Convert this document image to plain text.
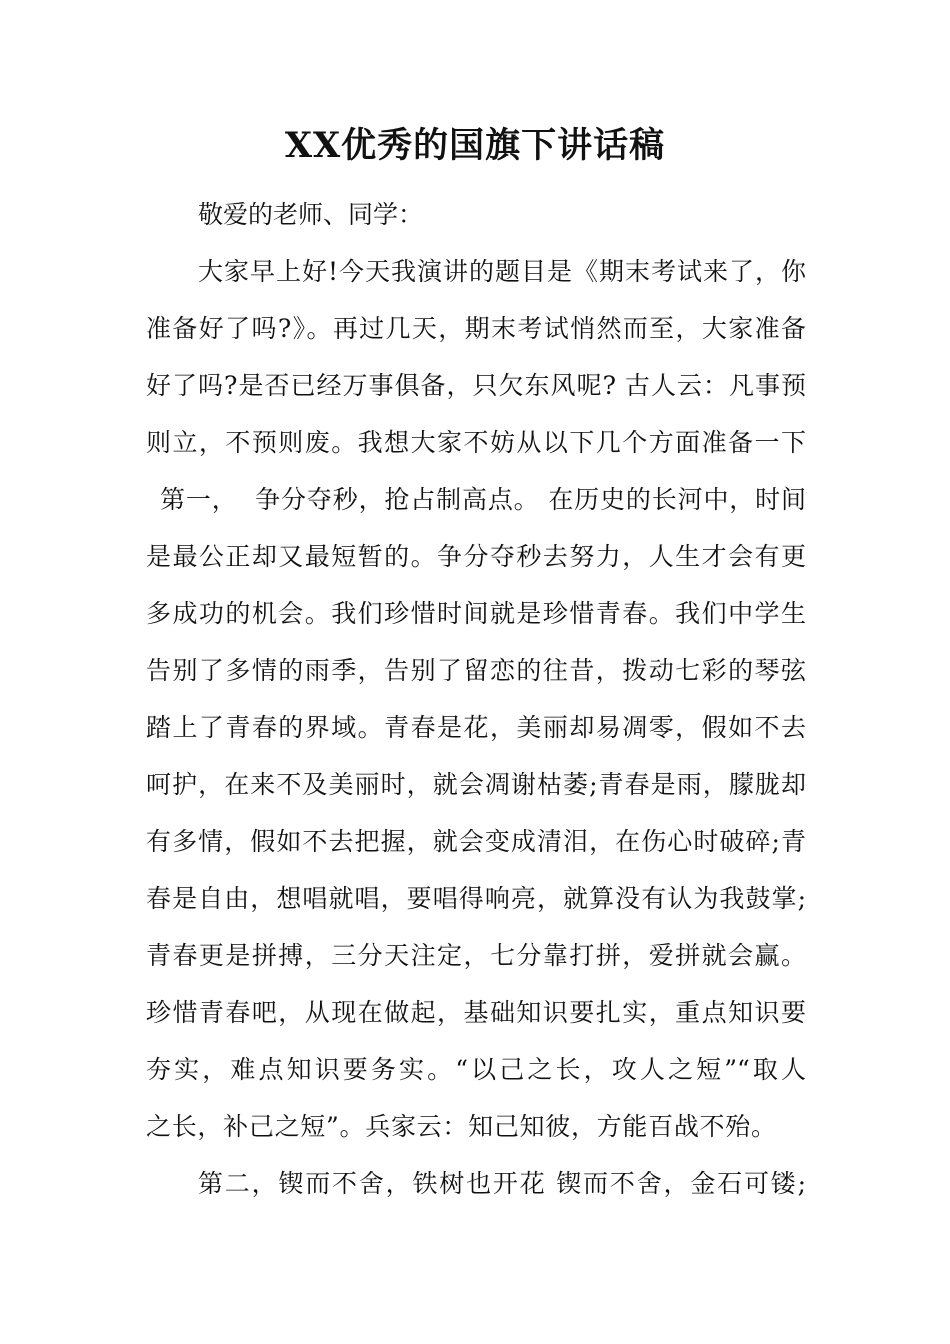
XX优秀的国旗下讲话稿

敬爱的老师、同学：

大家早上好!今天我演讲的题目是《期末考试来了，你

准备好了吗?》。再过几天，期末考试悄然而至，大家准备

好了吗?是否已经万事俱备，只欠东风呢? 古人云：凡事预

则立，不预则废。我想大家不妨从以下几个方面准备一下

第一，  争分夺秒，抢占制高点。 在历史的长河中，时间

是最公正却又最短暂的。争分夺秒去努力，人生才会有更

多成功的机会。我们珍惜时间就是珍惜青春。我们中学生

告别了多情的雨季，告别了留恋的往昔，拨动七彩的琴弦

踏上了青春的界域。青春是花，美丽却易凋零，假如不去

呵护，在来不及美丽时，就会凋谢枯萎;青春是雨，朦胧却

有多情，假如不去把握，就会变成清泪，在伤心时破碎;青

春是自由，想唱就唱，要唱得响亮，就算没有认为我鼓掌;

青春更是拼搏，三分天注定，七分靠打拼，爱拼就会赢。

珍惜青春吧，从现在做起，基础知识要扎实，重点知识要

夯实，难点知识要务实。“以己之长，攻人之短”“取人

之长，补己之短”。兵家云：知己知彼，方能百战不殆。

第二，锲而不舍，铁树也开花 锲而不舍，金石可镂;
